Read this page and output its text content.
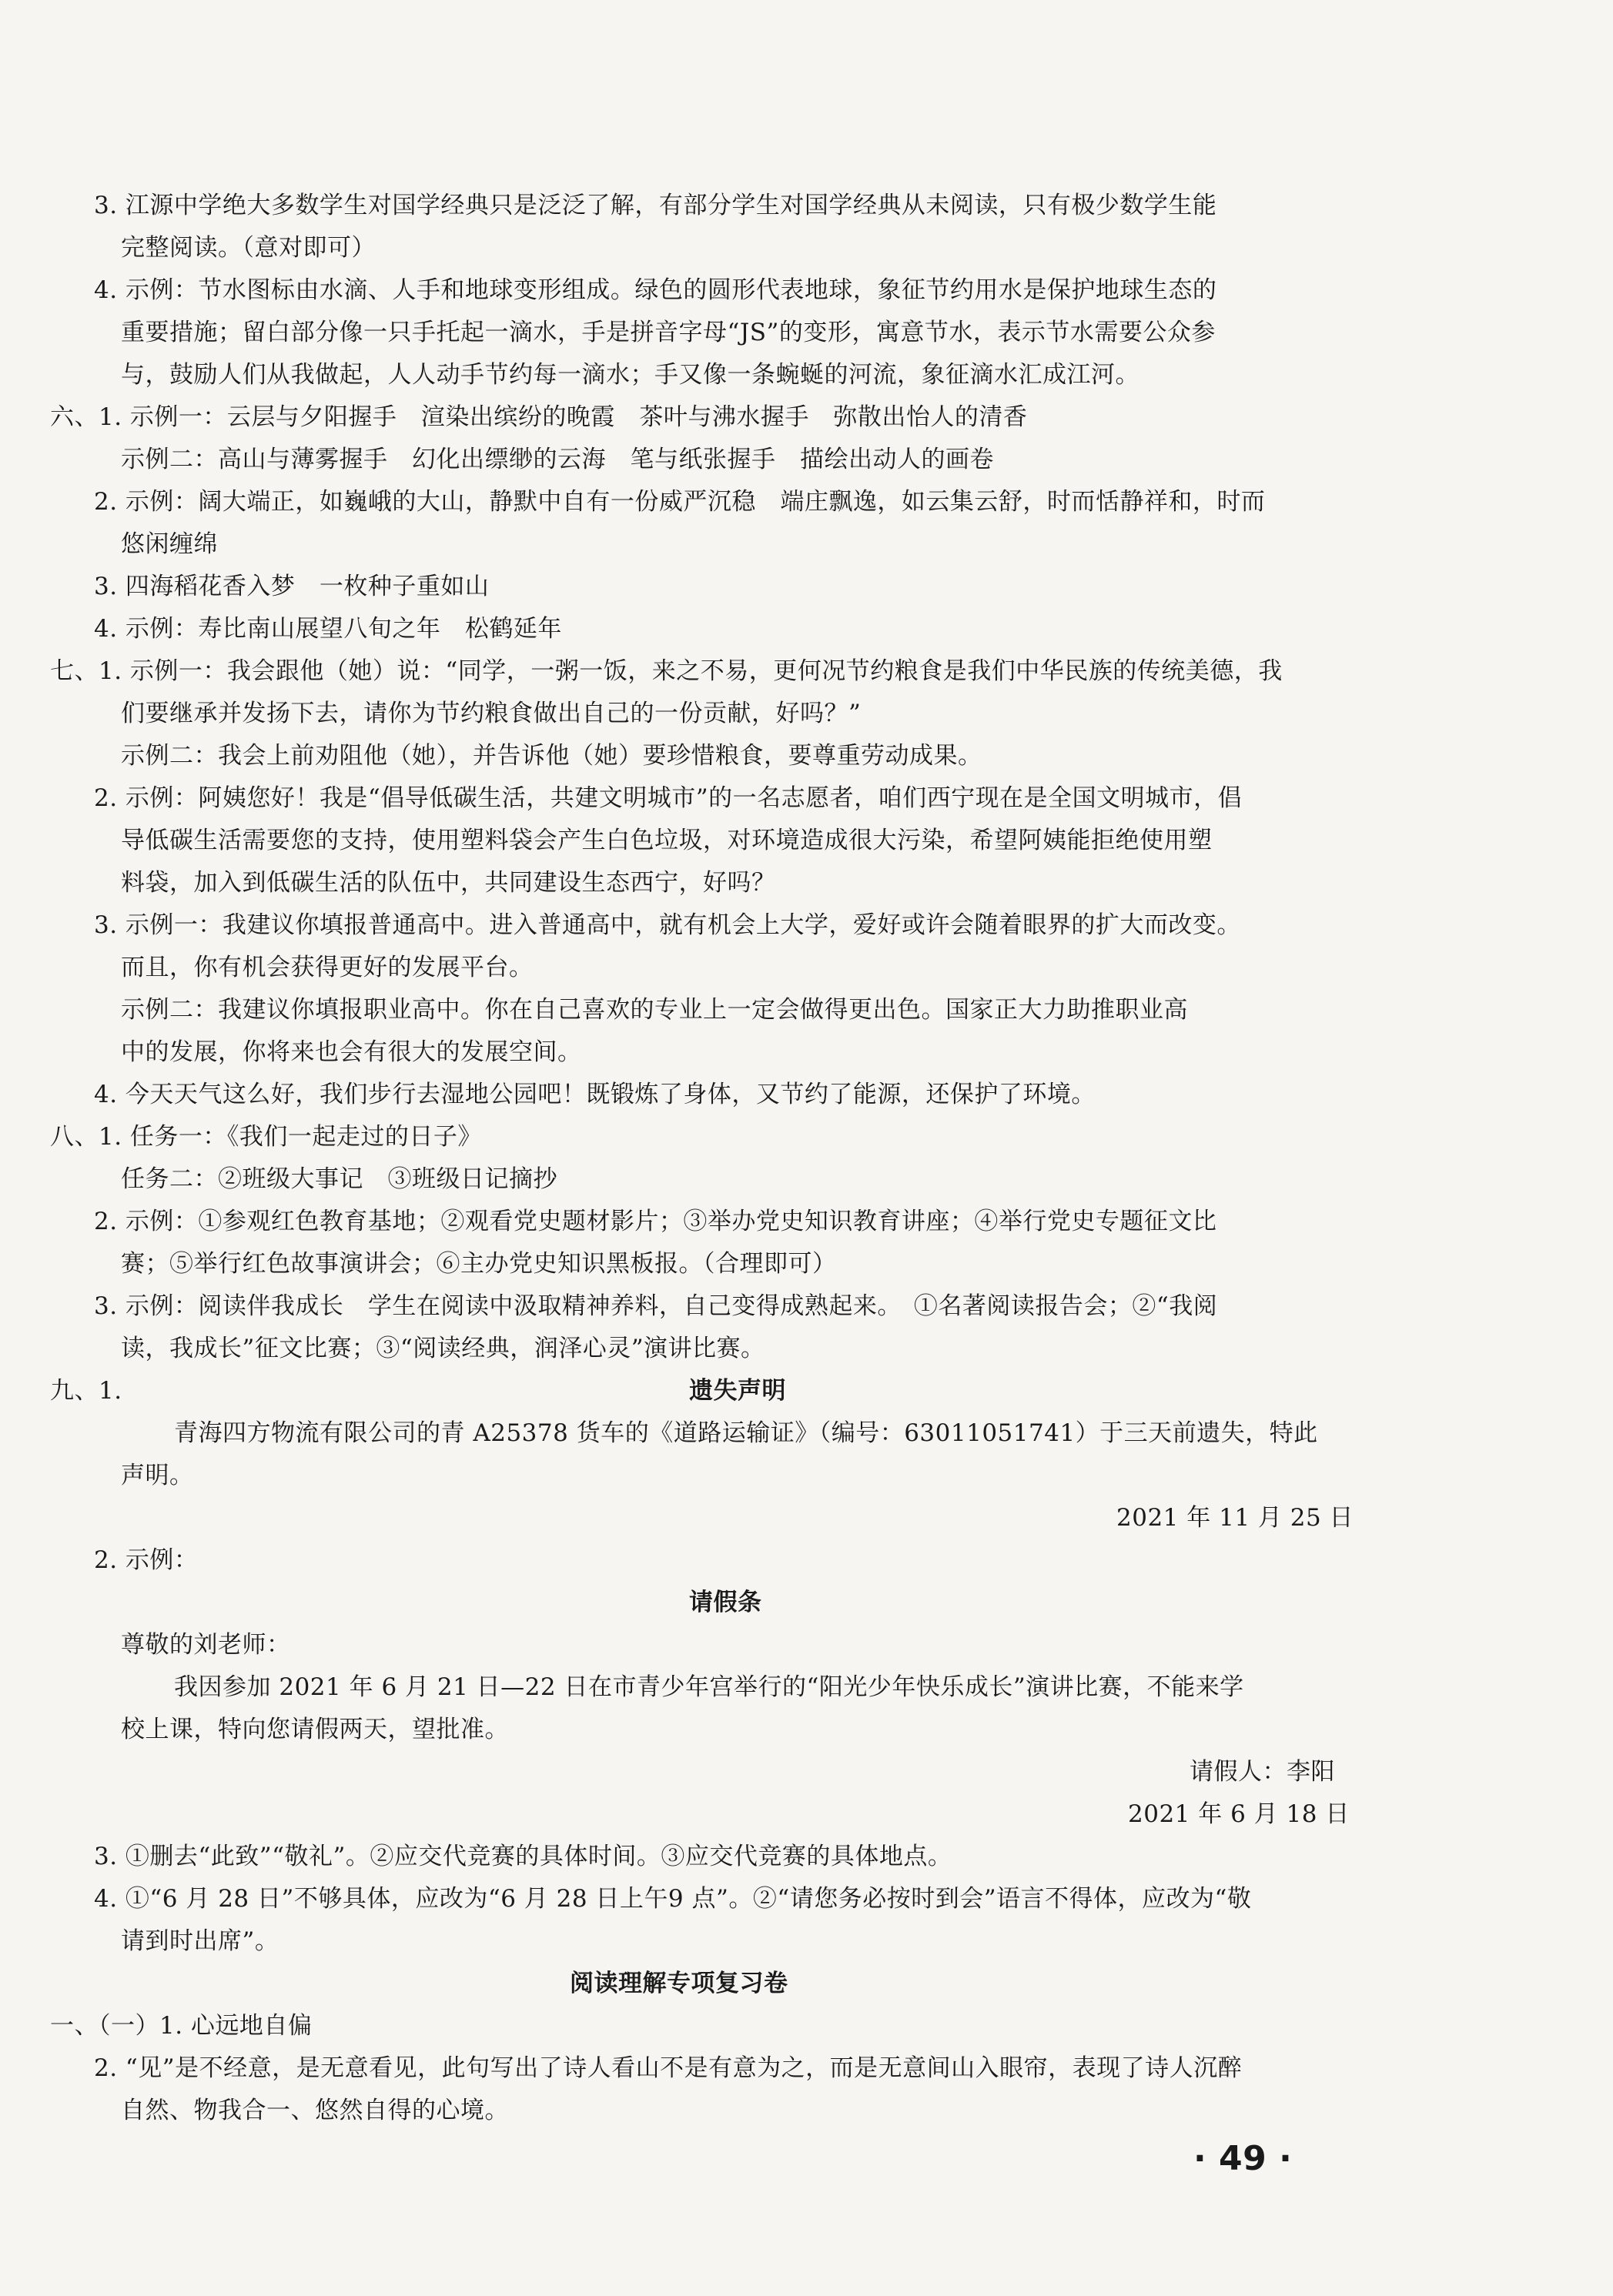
3. 江源中学绝大多数学生对国学经典只是泛泛了解，有部分学生对国学经典从未阅读，只有极少数学生能
完整阅读。（意对即可）
4. 示例：节水图标由水滴、人手和地球变形组成。绿色的圆形代表地球，象征节约用水是保护地球生态的
重要措施；留白部分像一只手托起一滴水，手是拼音字母“JS”的变形，寓意节水，表示节水需要公众参
与，鼓励人们从我做起，人人动手节约每一滴水；手又像一条蜿蜒的河流，象征滴水汇成江河。
六、1. 示例一：云层与夕阳握手　渲染出缤纷的晚霞　茶叶与沸水握手　弥散出怡人的清香
示例二：高山与薄雾握手　幻化出缥缈的云海　笔与纸张握手　描绘出动人的画卷
2. 示例：阔大端正，如巍峨的大山，静默中自有一份威严沉稳　端庄飘逸，如云集云舒，时而恬静祥和，时而
悠闲缠绵
3. 四海稻花香入梦　一枚种子重如山
4. 示例：寿比南山展望八旬之年　松鹤延年
七、1. 示例一：我会跟他（她）说：“同学，一粥一饭，来之不易，更何况节约粮食是我们中华民族的传统美德，我
们要继承并发扬下去，请你为节约粮食做出自己的一份贡献，好吗？”
示例二：我会上前劝阻他（她），并告诉他（她）要珍惜粮食，要尊重劳动成果。
2. 示例：阿姨您好！我是“倡导低碳生活，共建文明城市”的一名志愿者，咱们西宁现在是全国文明城市，倡
导低碳生活需要您的支持，使用塑料袋会产生白色垃圾，对环境造成很大污染，希望阿姨能拒绝使用塑
料袋，加入到低碳生活的队伍中，共同建设生态西宁，好吗？
3. 示例一：我建议你填报普通高中。进入普通高中，就有机会上大学，爱好或许会随着眼界的扩大而改变。
而且，你有机会获得更好的发展平台。
示例二：我建议你填报职业高中。你在自己喜欢的专业上一定会做得更出色。国家正大力助推职业高
中的发展，你将来也会有很大的发展空间。
4. 今天天气这么好，我们步行去湿地公园吧！既锻炼了身体，又节约了能源，还保护了环境。
八、1. 任务一：《我们一起走过的日子》
任务二：②班级大事记　③班级日记摘抄
2. 示例：①参观红色教育基地；②观看党史题材影片；③举办党史知识教育讲座；④举行党史专题征文比
赛；⑤举行红色故事演讲会；⑥主办党史知识黑板报。（合理即可）
3. 示例：阅读伴我成长　学生在阅读中汲取精神养料，自己变得成熟起来。　①名著阅读报告会；②“我阅
读，我成长”征文比赛；③“阅读经典，润泽心灵”演讲比赛。
九、1.	遗失声明
青海四方物流有限公司的青 A25378 货车的《道路运输证》（编号：63011051741）于三天前遗失，特此
声明。
2021 年 11 月 25 日
2. 示例：
请假条
尊敬的刘老师：
我因参加 2021 年 6 月 21 日—22 日在市青少年宫举行的“阳光少年快乐成长”演讲比赛，不能来学
校上课，特向您请假两天，望批准。
请假人：李阳
2021 年 6 月 18 日
3. ①删去“此致”“敬礼”。②应交代竞赛的具体时间。③应交代竞赛的具体地点。
4. ①“6 月 28 日”不够具体，应改为“6 月 28 日上午9 点”。②“请您务必按时到会”语言不得体，应改为“敬
请到时出席”。
阅读理解专项复习卷
一、（一）1. 心远地自偏
2. “见”是不经意，是无意看见，此句写出了诗人看山不是有意为之，而是无意间山入眼帘，表现了诗人沉醉
自然、物我合一、悠然自得的心境。
· 49 ·
